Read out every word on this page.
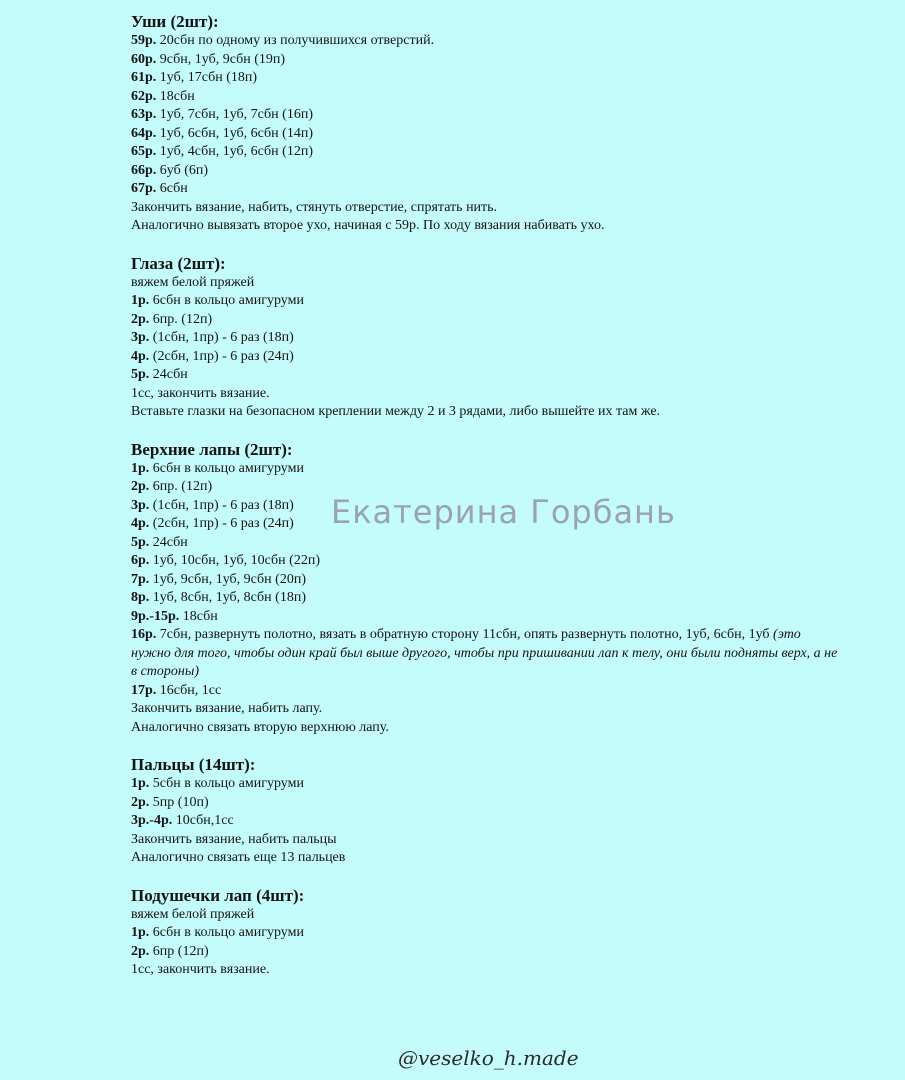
Уши (2шт):
59р. 20сбн по одному из получившихся отверстий.
60р. 9сбн, 1уб, 9сбн (19п)
61р. 1уб, 17сбн (18п)
62р. 18сбн
63р. 1уб, 7сбн, 1уб, 7сбн (16п)
64р. 1уб, 6сбн, 1уб, 6сбн (14п)
65р. 1уб, 4сбн, 1уб, 6сбн (12п)
66р. 6уб (6п)
67р. 6сбн
Закончить вязание, набить, стянуть отверстие, спрятать нить.
Аналогично вывязать второе ухо, начиная с 59р. По ходу вязания набивать ухо.
Глаза (2шт):
вяжем белой пряжей
1р. 6сбн в кольцо амигуруми
2р. 6пр. (12п)
3р. (1сбн, 1пр) - 6 раз (18п)
4р. (2сбн, 1пр) - 6 раз (24п)
5р. 24сбн
1сс, закончить вязание.
Вставьте глазки на безопасном креплении между 2 и 3 рядами, либо вышейте их там же.
Верхние лапы (2шт):
1р. 6сбн в кольцо амигуруми
2р. 6пр. (12п)
3р. (1сбн, 1пр) - 6 раз (18п)
4р. (2сбн, 1пр) - 6 раз (24п)
5р. 24сбн
6р. 1уб, 10сбн, 1уб, 10сбн (22п)
7р. 1уб, 9сбн, 1уб, 9сбн (20п)
8р. 1уб, 8сбн, 1уб, 8сбн (18п)
9р.-15р. 18сбн
16р. 7сбн, развернуть полотно, вязать в обратную сторону 11сбн, опять развернуть полотно, 1уб, 6сбн, 1уб (это нужно для того, чтобы один край был выше другого, чтобы при пришивании лап к телу, они были подняты верх, а не в стороны)
17р. 16сбн, 1сс
Закончить вязание, набить лапу.
Аналогично связать вторую верхнюю лапу.
Пальцы (14шт):
1р. 5сбн в кольцо амигуруми
2р. 5пр (10п)
3р.-4р. 10сбн,1сс
Закончить вязание, набить пальцы
Аналогично связать еще 13 пальцев
Подушечки лап (4шт):
вяжем белой пряжей
1р. 6сбн в кольцо амигуруми
2р. 6пр (12п)
1сс, закончить вязание.
Екатерина Горбань
@veselko_h.made
